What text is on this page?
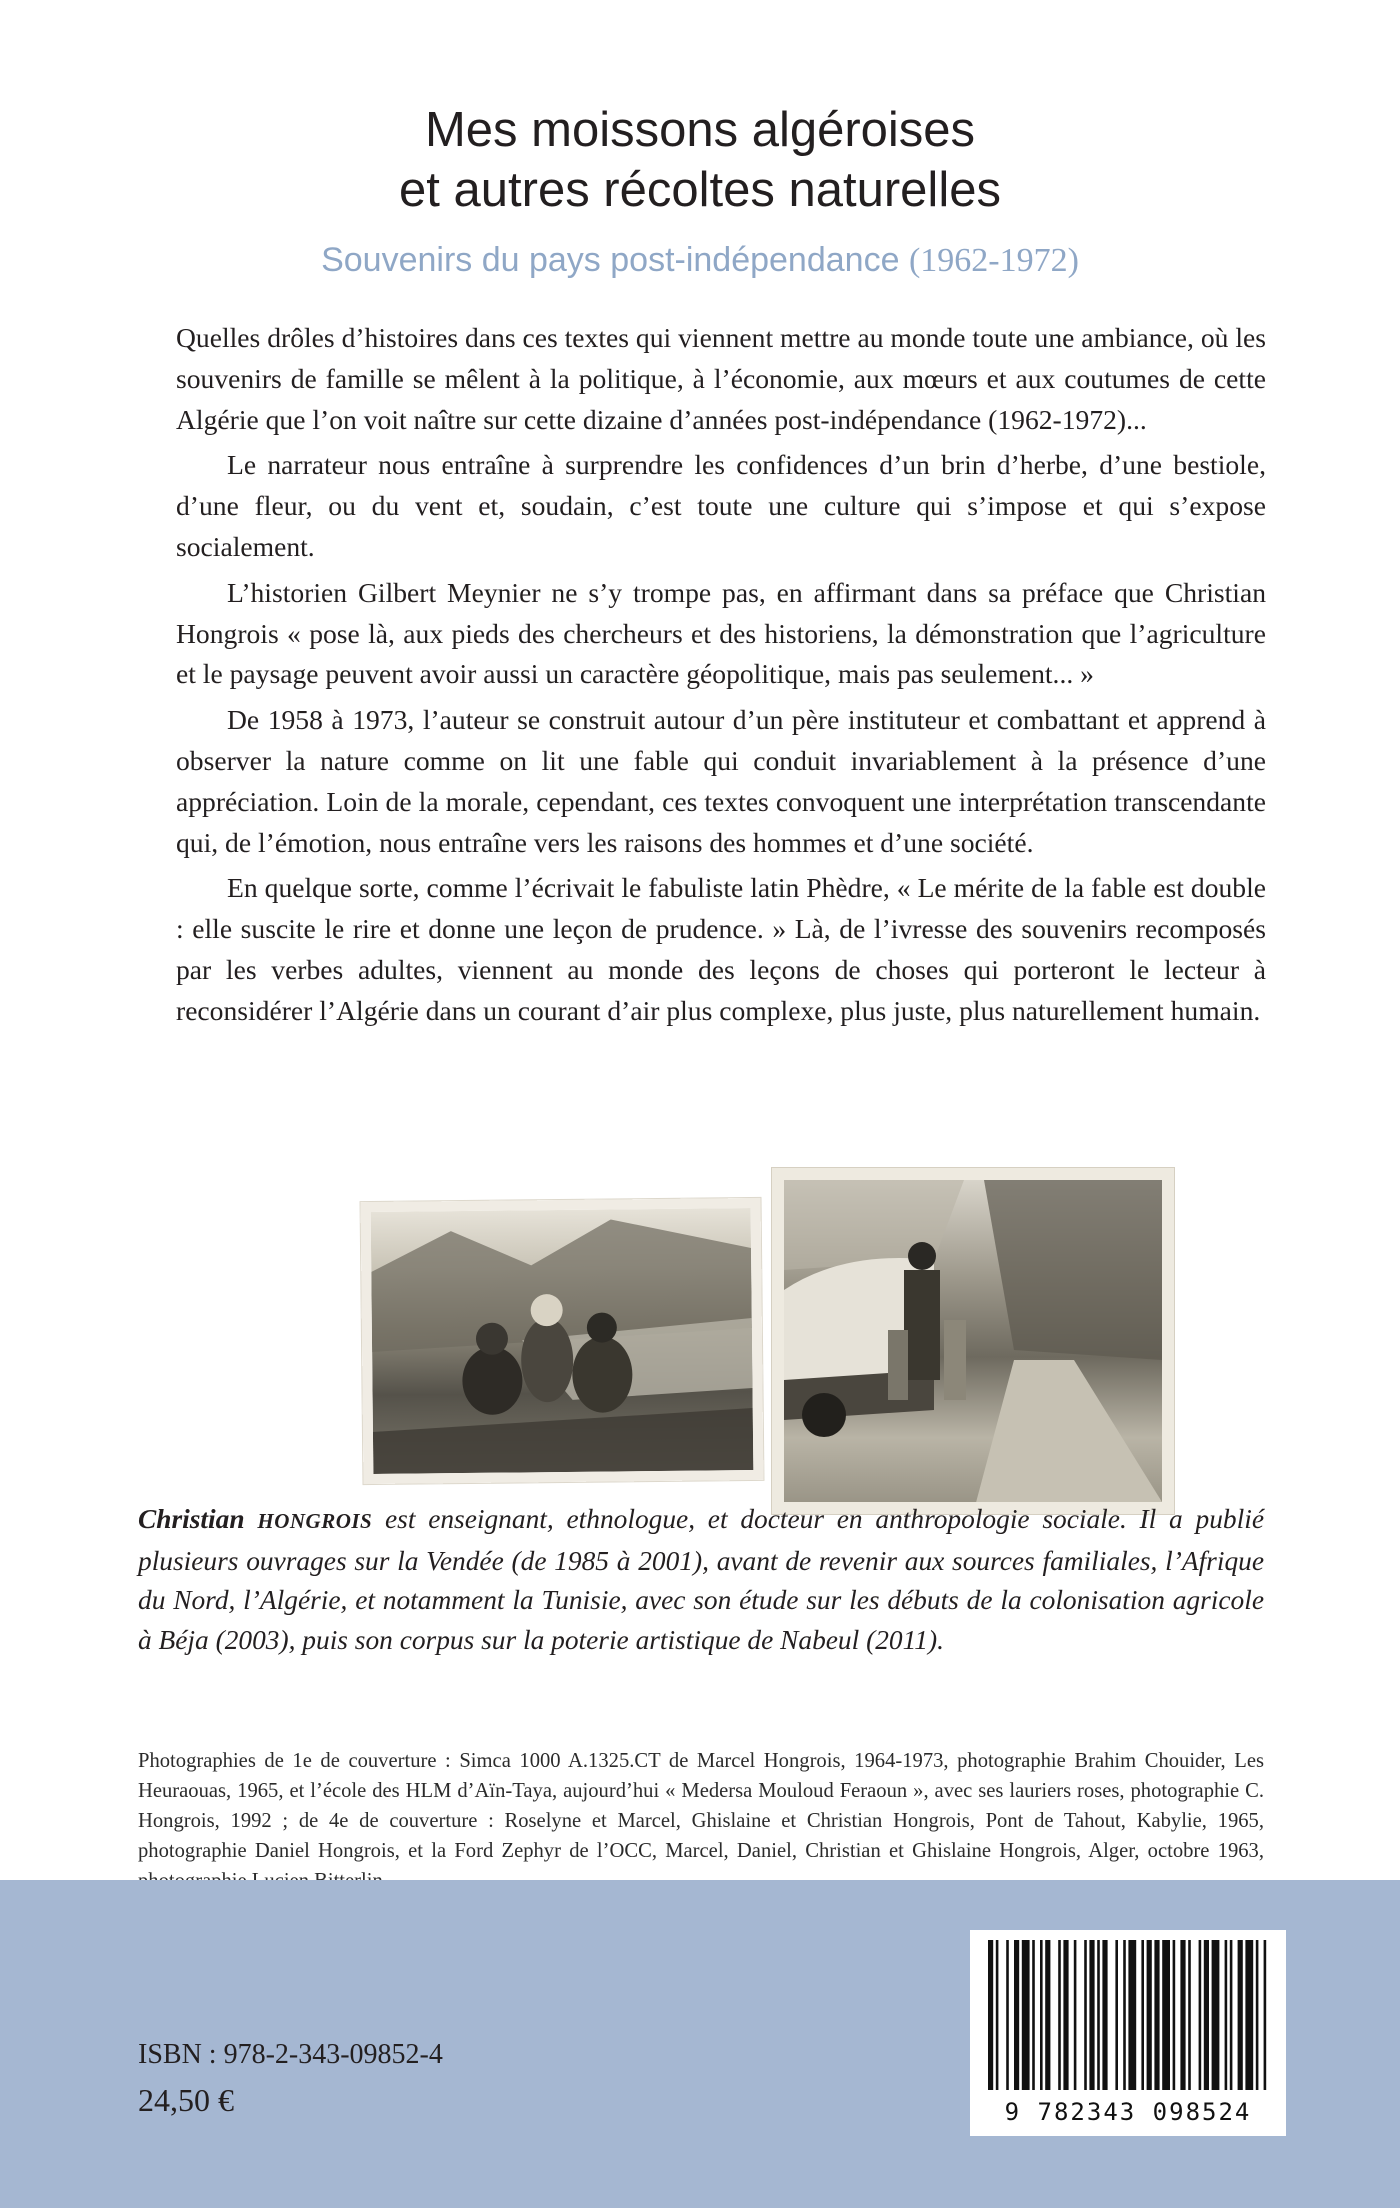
Mes moissons algéroises
et autres récoltes naturelles
Souvenirs du pays post-indépendance (1962-1972)

Quelles drôles d’histoires dans ces textes qui viennent mettre au monde toute une ambiance, où les souvenirs de famille se mêlent à la politique, à l’économie, aux mœurs et aux coutumes de cette Algérie que l’on voit naître sur cette dizaine d’années post-indépendance (1962-1972)...

Le narrateur nous entraîne à surprendre les confidences d’un brin d’herbe, d’une bestiole, d’une fleur, ou du vent et, soudain, c’est toute une culture qui s’impose et qui s’expose socialement.

L’historien Gilbert Meynier ne s’y trompe pas, en affirmant dans sa préface que Christian Hongrois « pose là, aux pieds des chercheurs et des historiens, la démonstration que l’agriculture et le paysage peuvent avoir aussi un caractère géopolitique, mais pas seulement... »

De 1958 à 1973, l’auteur se construit autour d’un père instituteur et combattant et apprend à observer la nature comme on lit une fable qui conduit invariablement à la présence d’une appréciation. Loin de la morale, cependant, ces textes convoquent une interprétation transcendante qui, de l’émotion, nous entraîne vers les raisons des hommes et d’une société.

En quelque sorte, comme l’écrivait le fabuliste latin Phèdre, « Le mérite de la fable est double : elle suscite le rire et donne une leçon de prudence. » Là, de l’ivresse des souvenirs recomposés par les verbes adultes, viennent au monde des leçons de choses qui porteront le lecteur à reconsidérer l’Algérie dans un courant d’air plus complexe, plus juste, plus naturellement humain.

Christian HONGROIS est enseignant, ethnologue, et docteur en anthropologie sociale. Il a publié plusieurs ouvrages sur la Vendée (de 1985 à 2001), avant de revenir aux sources familiales, l’Afrique du Nord, l’Algérie, et notamment la Tunisie, avec son étude sur les débuts de la colonisation agricole à Béja (2003), puis son corpus sur la poterie artistique de Nabeul (2011).
Photographies de 1e de couverture : Simca 1000 A.1325.CT de Marcel Hongrois, 1964-1973, photographie Brahim Chouider, Les Heuraouas, 1965, et l’école des HLM d’Aïn-Taya, aujourd’hui « Medersa Mouloud Feraoun », avec ses lauriers roses, photographie C. Hongrois, 1992 ; de 4e de couverture : Roselyne et Marcel, Ghislaine et Christian Hongrois, Pont de Tahout, Kabylie, 1965, photographie Daniel Hongrois, et la Ford Zephyr de l’OCC, Marcel, Daniel, Christian et Ghislaine Hongrois, Alger, octobre 1963,
ISBN : 978-2-343-09852-4
24,50 €	9 782343 098524
